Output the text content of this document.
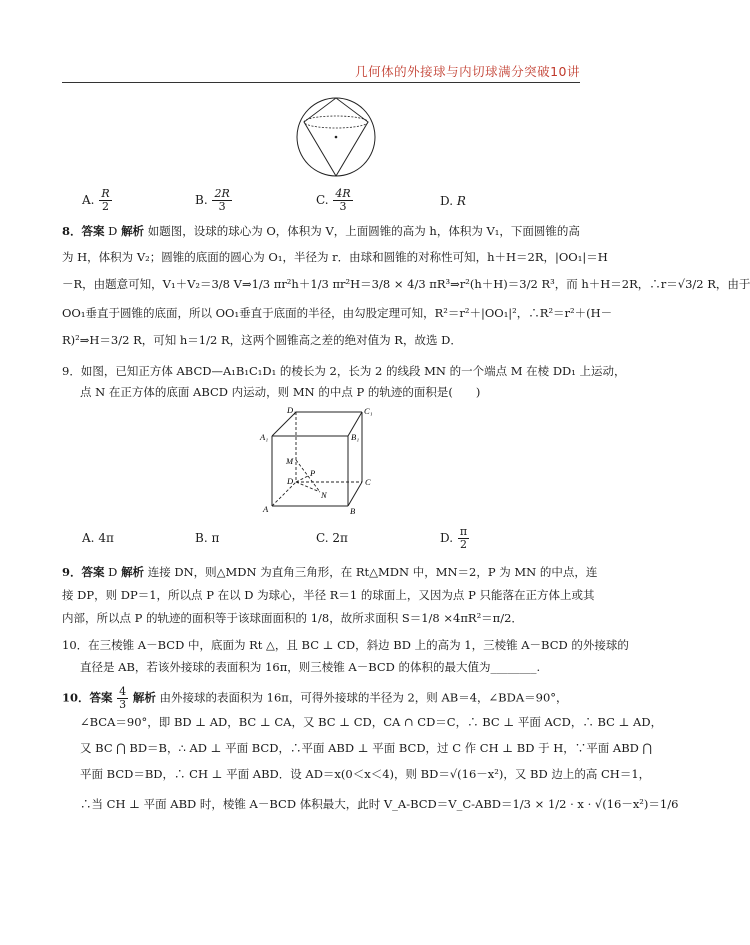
几何体的外接球与内切球满分突破10讲
A. $\frac{R}{2}$	B. $\frac{2R}{3}$	C. $\frac{4R}{3}$	D. R
8．答案 D 解析 如题图，设球的球心为 O，体积为 V，上面圆锥的高为 h，体积为 V₁，下面圆锥的高
为 H，体积为 V₂；圆锥的底面的圆心为 O₁，半径为 r．由球和圆锥的对称性可知，h＋H＝2R，|OO₁|＝H
－R，由题意可知，V₁＋V₂＝3/8 V⇒1/3 πr²h＋1/3 πr²H＝3/8 × 4/3 πR³⇒r²(h＋H)＝3/2 R³，而 h＋H＝2R，∴r＝√3/2 R，由于
OO₁垂直于圆锥的底面，所以 OO₁垂直于底面的半径，由勾股定理可知，R²＝r²＋|OO₁|²，∴R²＝r²＋(H－
R)²⇒H＝3/2 R，可知 h＝1/2 R，这两个圆锥高之差的绝对值为 R，故选 D．
9．如图，已知正方体 ABCD—A₁B₁C₁D₁ 的棱长为 2，长为 2 的线段 MN 的一个端点 M 在棱 DD₁ 上运动，
点 N 在正方体的底面 ABCD 内运动，则 MN 的中点 P 的轨迹的面积是(　　)
D₁	C₁
A₁	B₁
M
P
D	C
N
A	B
A. 4π	B. π	C. 2π	D. $\frac{\pi}{2}$
9．答案 D 解析 连接 DN，则△MDN 为直角三角形，在 Rt△MDN 中，MN＝2，P 为 MN 的中点，连
接 DP，则 DP＝1，所以点 P 在以 D 为球心，半径 R＝1 的球面上，又因为点 P 只能落在正方体上或其
内部，所以点 P 的轨迹的面积等于该球面面积的 1/8，故所求面积 S＝1/8 ×4πR²＝π/2．
10．在三棱锥 A－BCD 中，底面为 Rt △，且 BC ⊥ CD，斜边 BD 上的高为 1，三棱锥 A－BCD 的外接球的
直径是 AB，若该外接球的表面积为 16π，则三棱锥 A－BCD 的体积的最大值为________.
10．答案 $\frac{4}{3}$ 解析 由外接球的表面积为 16π，可得外接球的半径为 2，则 AB＝4，∠BDA＝90°，
∠BCA＝90°，即 BD ⊥ AD，BC ⊥ CA，又 BC ⊥ CD，CA ∩ CD＝C，∴ BC ⊥ 平面 ACD，∴ BC ⊥ AD，
又 BC ⋂ BD＝B，∴ AD ⊥ 平面 BCD，∴平面 ABD ⊥ 平面 BCD，过 C 作 CH ⊥ BD 于 H，∵平面 ABD ⋂
平面 BCD＝BD，∴ CH ⊥ 平面 ABD．设 AD＝x(0＜x＜4)，则 BD＝√(16－x²)，又 BD 边上的高 CH＝1，
∴当 CH ⊥ 平面 ABD 时，棱锥 A－BCD 体积最大，此时 V_A-BCD＝V_C-ABD＝1/3 × 1/2 · x · √(16－x²)＝1/6
